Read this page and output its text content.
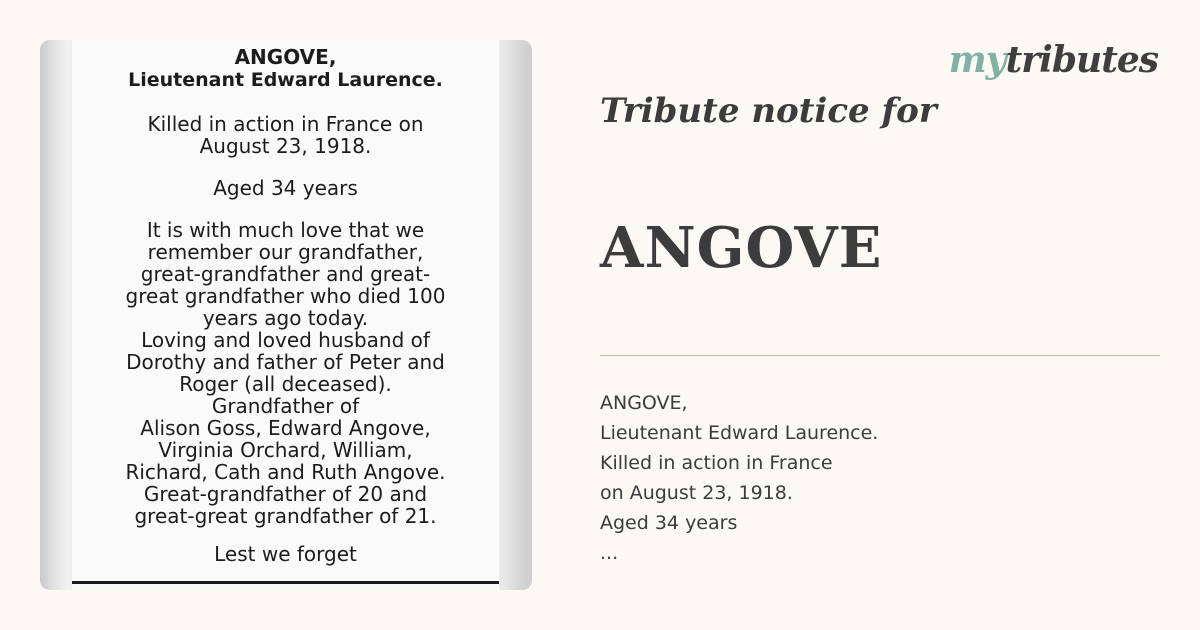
ANGOVE,
Lieutenant Edward Laurence.
Killed in action in France on
August 23, 1918.
Aged 34 years
It is with much love that we
remember our grandfather,
great-grandfather and great-
great grandfather who died 100
years ago today.
Loving and loved husband of
Dorothy and father of Peter and
Roger (all deceased).
Grandfather of
Alison Goss, Edward Angove,
Virginia Orchard, William,
Richard, Cath and Ruth Angove.
Great-grandfather of 20 and
great-great grandfather of 21.
Lest we forget
mytributes
Tribute notice for
ANGOVE
ANGOVE,
Lieutenant Edward Laurence.
Killed in action in France
on August 23, 1918.
Aged 34 years
...
